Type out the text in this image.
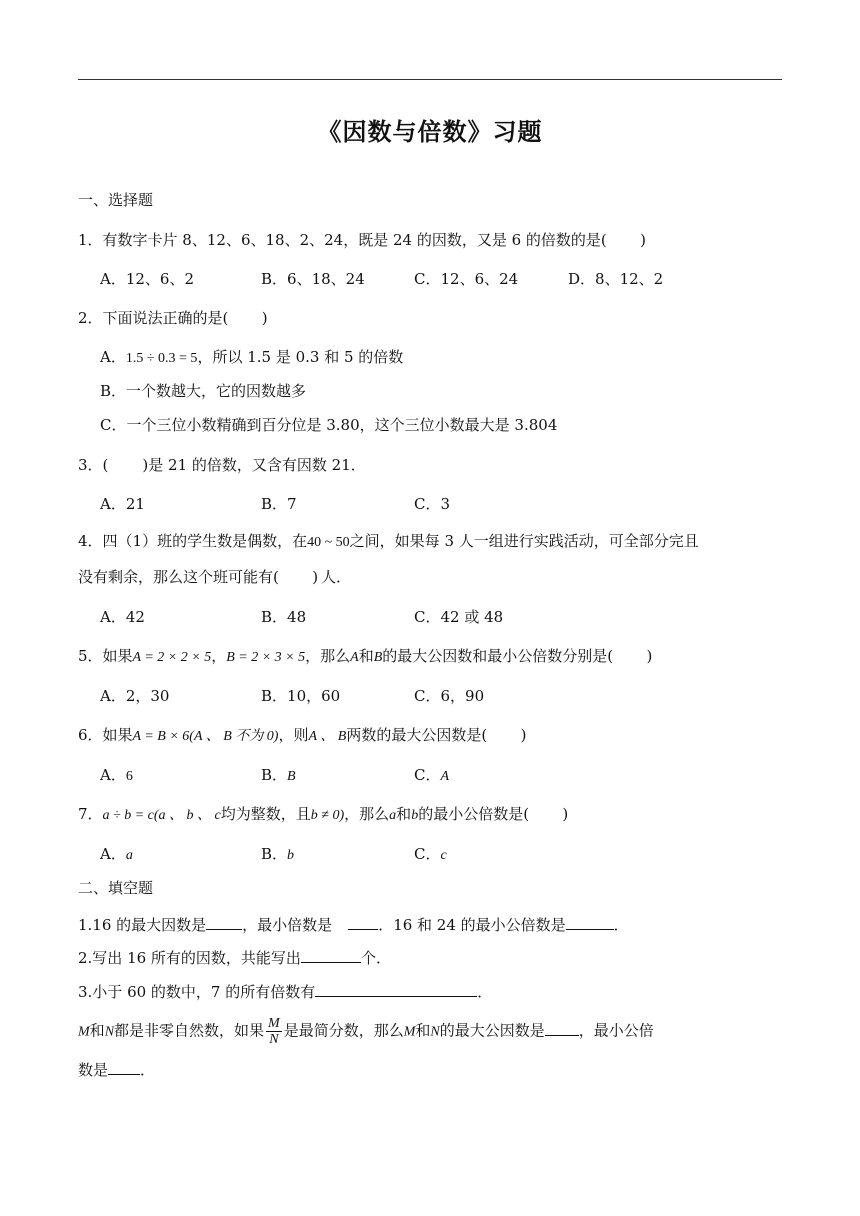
《因数与倍数》习题
一、选择题
1．有数字卡片 8、12、6、18、2、24，既是 24 的因数，又是 6 的倍数的是(       )
A．12、6、2	B．6、18、24	C．12、6、24	D．8、12、2
2．下面说法正确的是(       )
A．1.5 ÷ 0.3 = 5，所以 1.5 是 0.3 和 5 的倍数
B．一个数越大，它的因数越多
C．一个三位小数精确到百分位是 3.80，这个三位小数最大是 3.804
3．( )是 21 的倍数，又含有因数 21．
A．21	B．7	C．3
4．四（1）班的学生数是偶数，在40 ~ 50之间，如果每 3 人一组进行实践活动，可全部分完且
没有剩余，那么这个班可能有(       ) 人．
A．42	B．48	C．42 或 48
5．如果A = 2 × 2 × 5，B = 2 × 3 × 5，那么A和B的最大公因数和最小公倍数分别是(       )
A．2，30	B．10，60	C．6，90
6．如果A = B × 6(A 、 B 不为 0)，则A 、 B两数的最大公因数是(       )
A．6	B．B	C．A
7．a ÷ b = c(a 、 b 、 c均为整数，且b ≠ 0)，那么a和b的最小公倍数是(       )
A．a	B．b	C．c
二、填空题
1.16 的最大因数是 ，最小倍数是	．16 和 24 的最小公倍数是	．
2.写出 16 所有的因数，共能写出	个．
3.小于 60 的数中，7 的所有倍数有	．
M和N都是非零自然数，如果 $\frac{M}{N}$ 是最简分数，那么M和N的最大公因数是 ，最小公倍
数是 ．
